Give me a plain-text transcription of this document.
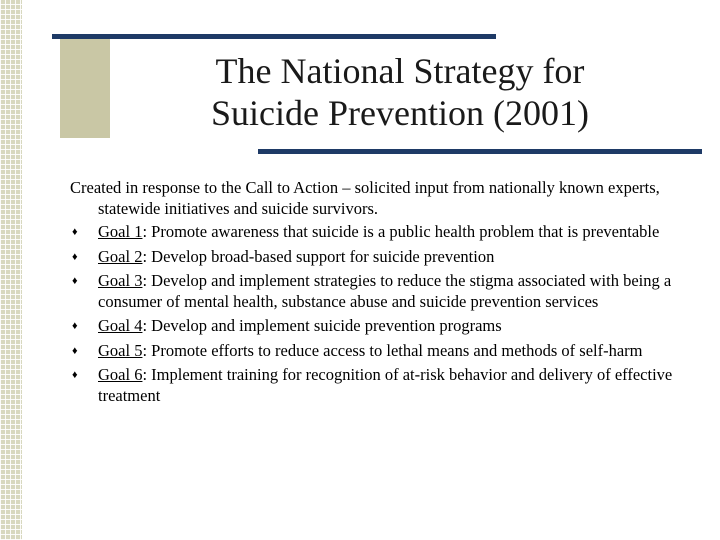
The National Strategy for
Suicide Prevention (2001)

Created in response to the Call to Action – solicited input from nationally known experts, statewide initiatives and suicide survivors.

♦ Goal 1: Promote awareness that suicide is a public health problem that is preventable
♦ Goal 2: Develop broad-based support for suicide prevention
♦ Goal 3: Develop and implement strategies to reduce the stigma associated with being a consumer of mental health, substance abuse and suicide prevention services
♦ Goal 4: Develop and implement suicide prevention programs
♦ Goal 5: Promote efforts to reduce access to lethal means and methods of self-harm
♦ Goal 6: Implement training for recognition of at-risk behavior and delivery of effective treatment
